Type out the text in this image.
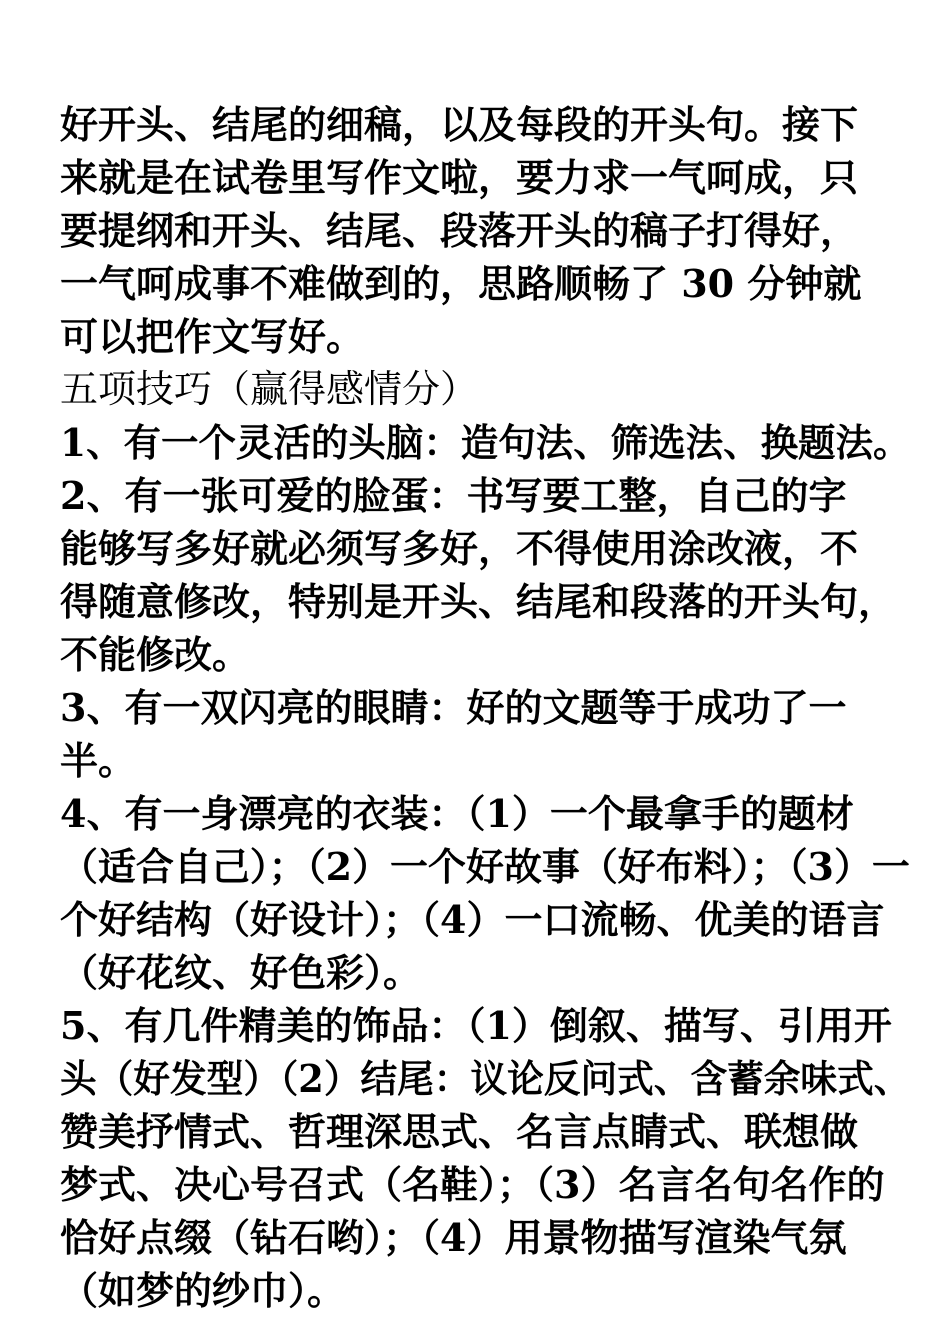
好开头、结尾的细稿，以及每段的开头句。接下
来就是在试卷里写作文啦，要力求一气呵成，只
要提纲和开头、结尾、段落开头的稿子打得好，
一气呵成事不难做到的，思路顺畅了 30 分钟就
可以把作文写好。
五项技巧（赢得感情分）
1、有一个灵活的头脑：造句法、筛选法、换题法。
2、有一张可爱的脸蛋：书写要工整，自己的字
能够写多好就必须写多好，不得使用涂改液，不
得随意修改，特别是开头、结尾和段落的开头句，
不能修改。
3、有一双闪亮的眼睛：好的文题等于成功了一
半。
4、有一身漂亮的衣装：（1）一个最拿手的题材
（适合自己）；（2）一个好故事（好布料）；（3）一
个好结构（好设计）；（4）一口流畅、优美的语言
（好花纹、好色彩）。
5、有几件精美的饰品：（1）倒叙、描写、引用开
头（好发型）（2）结尾：议论反问式、含蓄余味式、
赞美抒情式、哲理深思式、名言点睛式、联想做
梦式、决心号召式（名鞋）；（3）名言名句名作的
恰好点缀（钻石哟）；（4）用景物描写渲染气氛
（如梦的纱巾）。
